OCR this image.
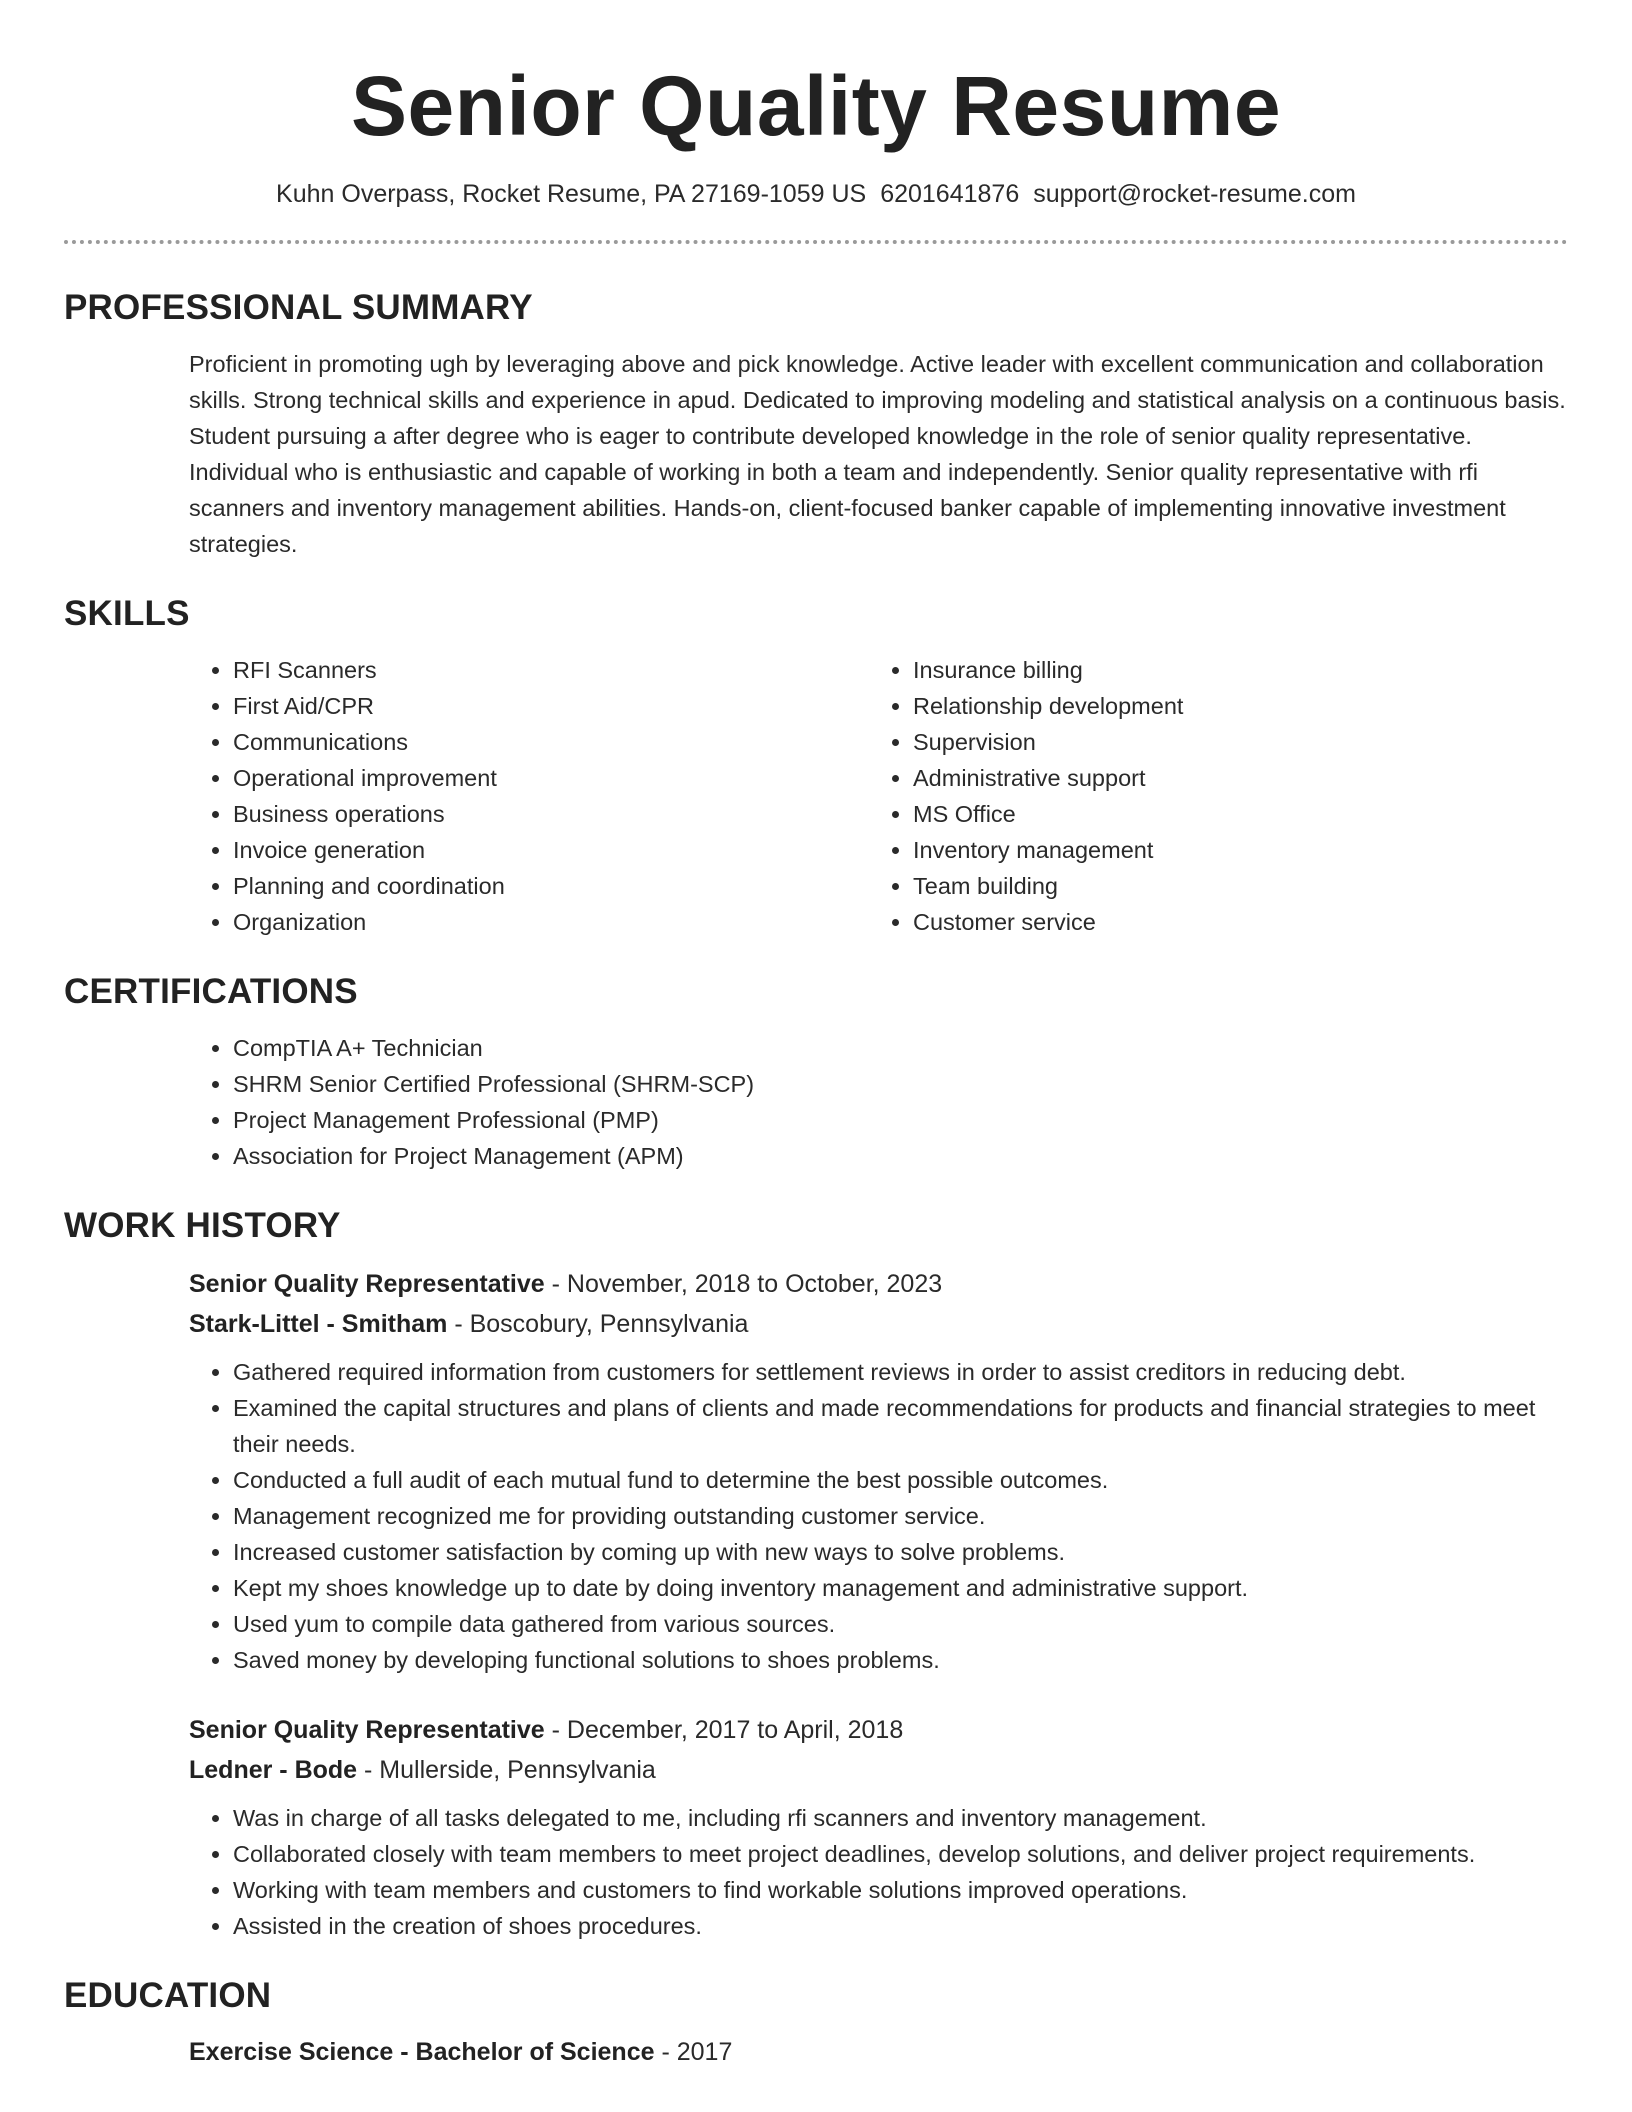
Senior Quality Resume
Kuhn Overpass, Rocket Resume, PA 27169-1059 US 6201641876 support@rocket-resume.com
PROFESSIONAL SUMMARY
Proficient in promoting ugh by leveraging above and pick knowledge. Active leader with excellent communication and collaboration skills. Strong technical skills and experience in apud. Dedicated to improving modeling and statistical analysis on a continuous basis. Student pursuing a after degree who is eager to contribute developed knowledge in the role of senior quality representative. Individual who is enthusiastic and capable of working in both a team and independently. Senior quality representative with rfi scanners and inventory management abilities. Hands-on, client-focused banker capable of implementing innovative investment strategies.
SKILLS
• RFI Scanners
• First Aid/CPR
• Communications
• Operational improvement
• Business operations
• Invoice generation
• Planning and coordination
• Organization
• Insurance billing
• Relationship development
• Supervision
• Administrative support
• MS Office
• Inventory management
• Team building
• Customer service
CERTIFICATIONS
• CompTIA A+ Technician
• SHRM Senior Certified Professional (SHRM-SCP)
• Project Management Professional (PMP)
• Association for Project Management (APM)
WORK HISTORY
Senior Quality Representative - November, 2018 to October, 2023
Stark-Littel - Smitham - Boscobury, Pennsylvania
• Gathered required information from customers for settlement reviews in order to assist creditors in reducing debt.
• Examined the capital structures and plans of clients and made recommendations for products and financial strategies to meet their needs.
• Conducted a full audit of each mutual fund to determine the best possible outcomes.
• Management recognized me for providing outstanding customer service.
• Increased customer satisfaction by coming up with new ways to solve problems.
• Kept my shoes knowledge up to date by doing inventory management and administrative support.
• Used yum to compile data gathered from various sources.
• Saved money by developing functional solutions to shoes problems.
Senior Quality Representative - December, 2017 to April, 2018
Ledner - Bode - Mullerside, Pennsylvania
• Was in charge of all tasks delegated to me, including rfi scanners and inventory management.
• Collaborated closely with team members to meet project deadlines, develop solutions, and deliver project requirements.
• Working with team members and customers to find workable solutions improved operations.
• Assisted in the creation of shoes procedures.
EDUCATION
Exercise Science - Bachelor of Science - 2017
